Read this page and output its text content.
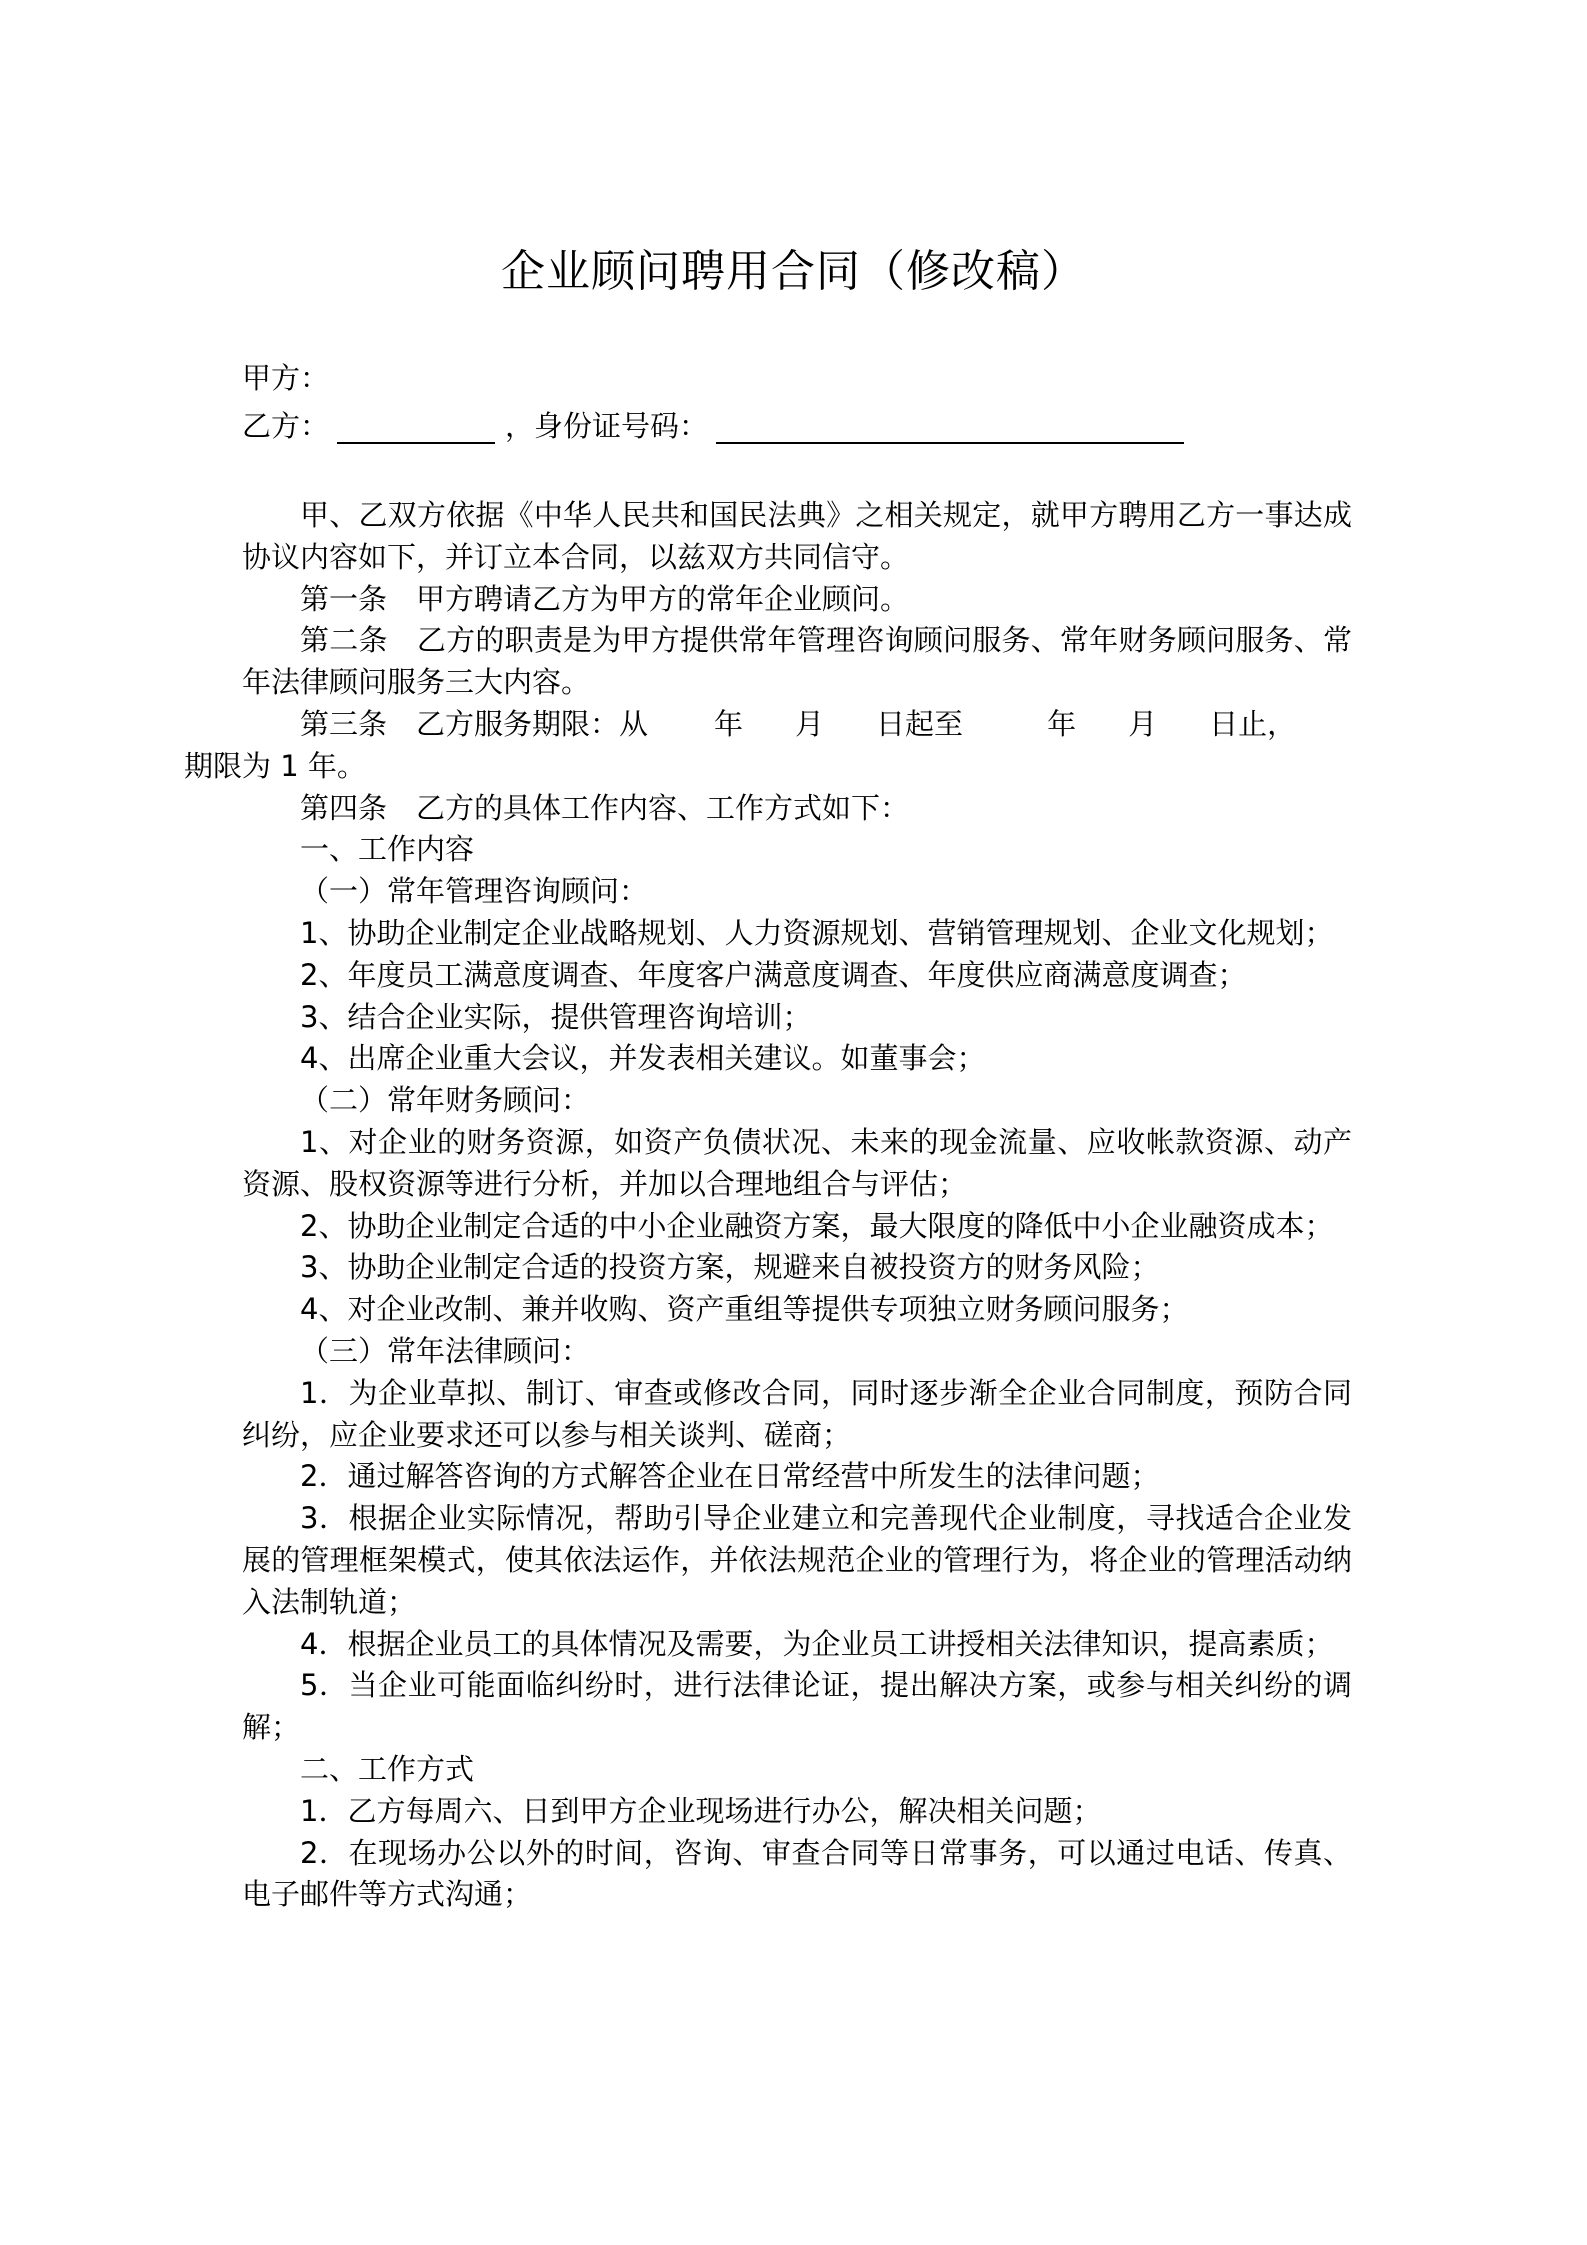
企业顾问聘用合同（修改稿）
甲方：
乙方：	，身份证号码：

甲、乙双方依据《中华人民共和国民法典》之相关规定，就甲方聘用乙方一事达成协议内容如下，并订立本合同，以兹双方共同信守。

第一条　甲方聘请乙方为甲方的常年企业顾问。

第二条　乙方的职责是为甲方提供常年管理咨询顾问服务、常年财务顾问服务、常年法律顾问服务三大内容。

第三条　乙方服务期限：从 年 月 日起至	年 月 日止，
期限为 1 年。

第四条　乙方的具体工作内容、工作方式如下：

一、工作内容

（一）常年管理咨询顾问：

1、协助企业制定企业战略规划、人力资源规划、营销管理规划、企业文化规划；

2、年度员工满意度调查、年度客户满意度调查、年度供应商满意度调查；

3、结合企业实际，提供管理咨询培训；

4、出席企业重大会议，并发表相关建议。如董事会；

（二）常年财务顾问：

1、对企业的财务资源，如资产负债状况、未来的现金流量、应收帐款资源、动产资源、股权资源等进行分析，并加以合理地组合与评估；

2、协助企业制定合适的中小企业融资方案，最大限度的降低中小企业融资成本；

3、协助企业制定合适的投资方案，规避来自被投资方的财务风险；

4、对企业改制、兼并收购、资产重组等提供专项独立财务顾问服务；

（三）常年法律顾问：

1．为企业草拟、制订、审查或修改合同，同时逐步渐全企业合同制度，预防合同纠纷，应企业要求还可以参与相关谈判、磋商；

2．通过解答咨询的方式解答企业在日常经营中所发生的法律问题；

3．根据企业实际情况，帮助引导企业建立和完善现代企业制度，寻找适合企业发展的管理框架模式，使其依法运作，并依法规范企业的管理行为，将企业的管理活动纳入法制轨道；

4．根据企业员工的具体情况及需要，为企业员工讲授相关法律知识，提高素质；

5．当企业可能面临纠纷时，进行法律论证，提出解决方案，或参与相关纠纷的调解；

二、工作方式

1．乙方每周六、日到甲方企业现场进行办公，解决相关问题；

2．在现场办公以外的时间，咨询、审查合同等日常事务，可以通过电话、传真、电子邮件等方式沟通；
